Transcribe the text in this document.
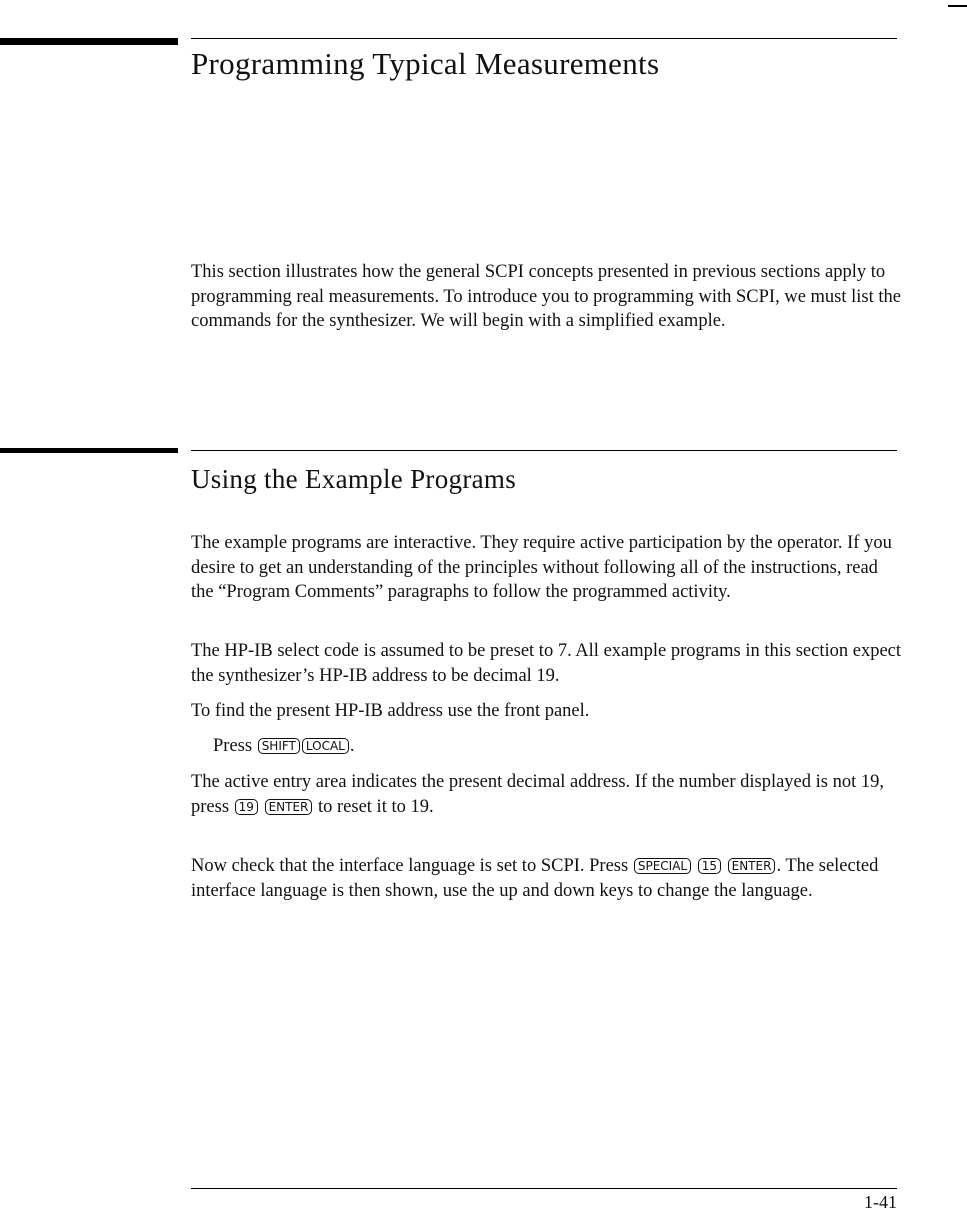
Programming Typical Measurements

This section illustrates how the general SCPI concepts presented in previous sections apply to programming real measurements. To introduce you to programming with SCPI, we must list the commands for the synthesizer. We will begin with a simplified example.

Using the Example Programs

The example programs are interactive. They require active participation by the operator. If you desire to get an understanding of the principles without following all of the instructions, read the “Program Comments” paragraphs to follow the programmed activity.

The HP-IB select code is assumed to be preset to 7. All example programs in this section expect the synthesizer’s HP-IB address to be decimal 19.

To find the present HP-IB address use the front panel.

Press SHIFT LOCAL .

The active entry area indicates the present decimal address. If the number displayed is not 19, press 19 ENTER to reset it to 19.

Now check that the interface language is set to SCPI. Press SPECIAL 15 ENTER . The selected interface language is then shown, use the up and down keys to change the language.

1-41
